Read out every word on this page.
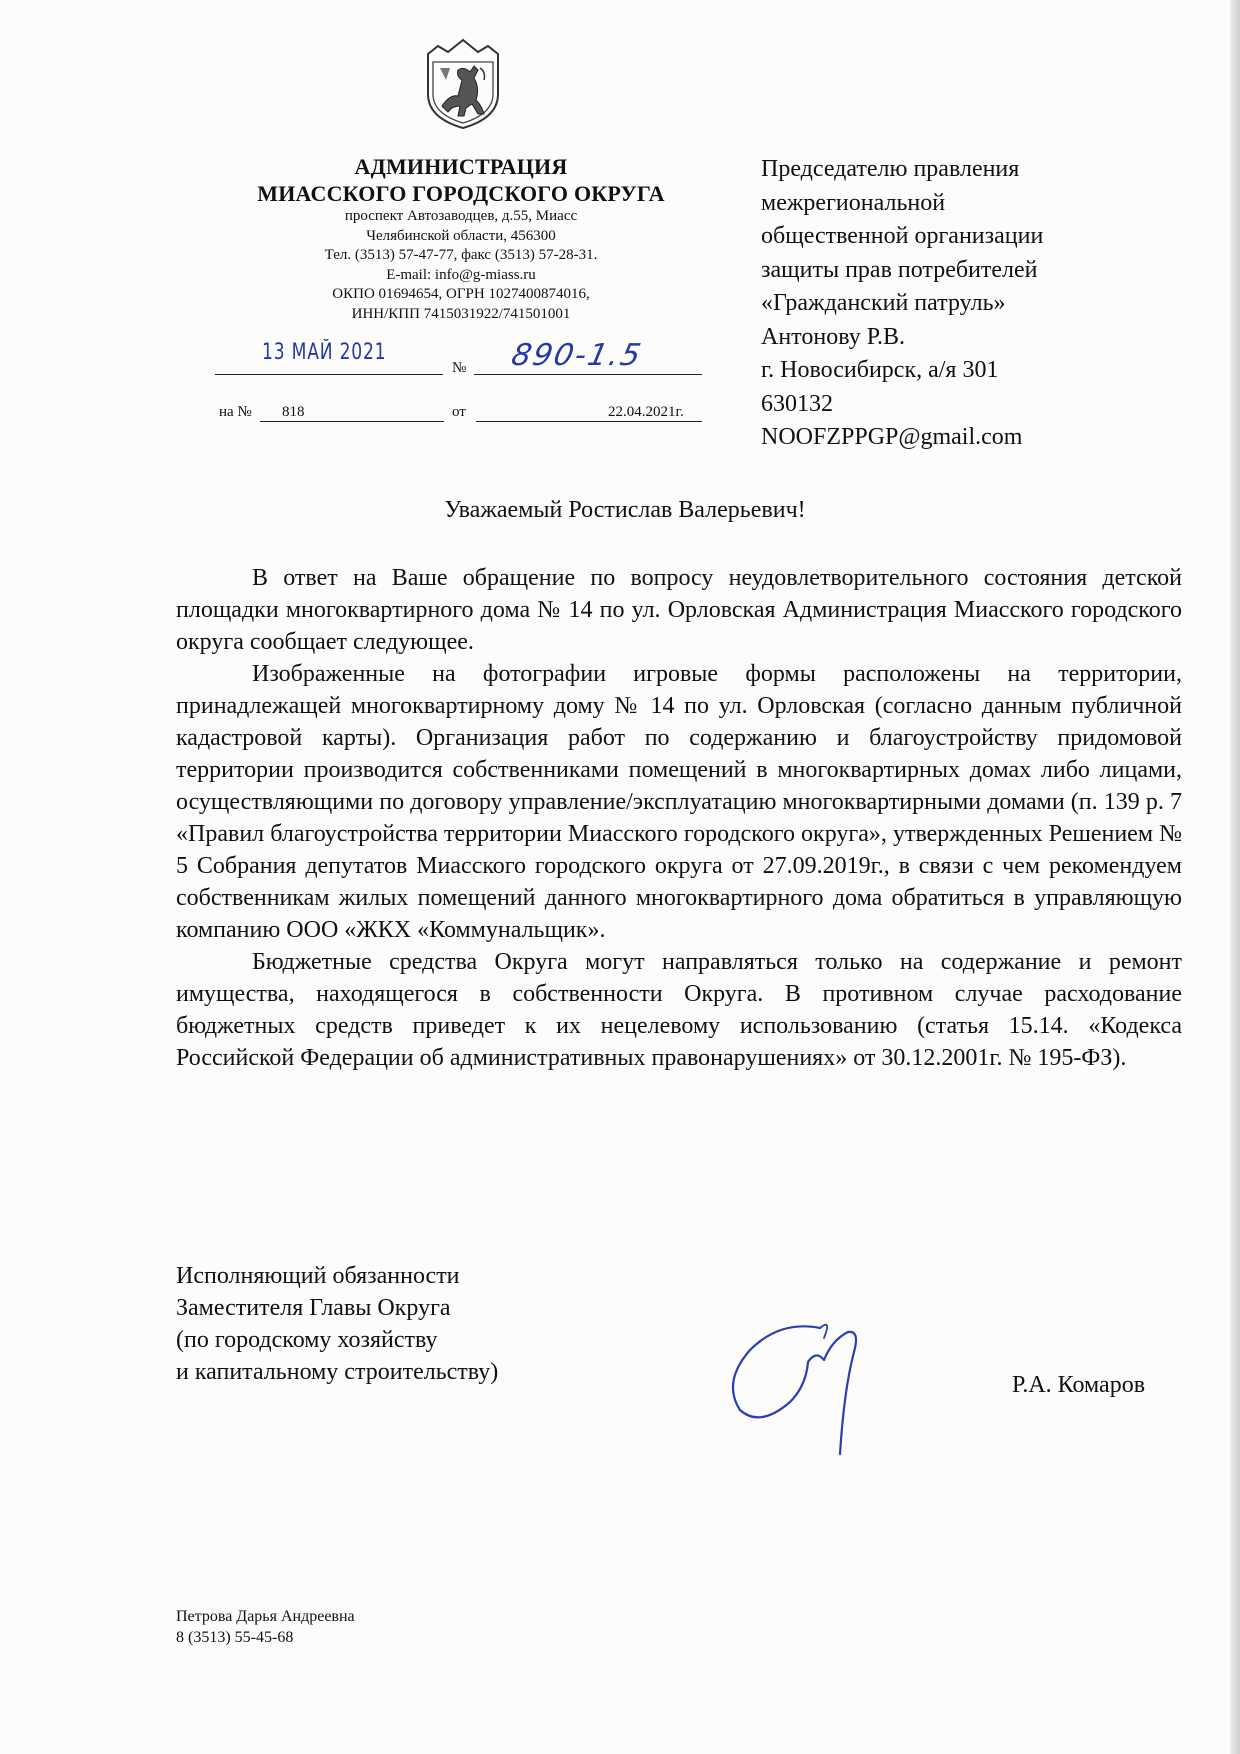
АДМИНИСТРАЦИЯ
МИАССКОГО ГОРОДСКОГО ОКРУГА
проспект Автозаводцев, д.55, Миасс
Челябинской области, 456300
Тел. (3513) 57-47-77, факс (3513) 57-28-31.
E-mail: info@g-miass.ru
ОКПО 01694654, ОГРН 1027400874016,
ИНН/КПП 7415031922/741501001
13 МАЙ 2021
№ 890-1.5
на № 818	от	22.04.2021г.
Председателю правления
межрегиональной
общественной организации
защиты прав потребителей
«Гражданский патруль»
Антонову Р.В.
г. Новосибирск, а/я 301
630132
NOOFZPPGP@gmail.com
Уважаемый Ростислав Валерьевич!

В ответ на Ваше обращение по вопросу неудовлетворительного состояния детской площадки многоквартирного дома № 14 по ул. Орловская Администрация Миасского городского округа сообщает следующее.

Изображенные на фотографии игровые формы расположены на территории, принадлежащей многоквартирному дому № 14 по ул. Орловская (согласно данным публичной кадастровой карты). Организация работ по содержанию и благоустройству придомовой территории производится собственниками помещений в многоквартирных домах либо лицами, осуществляющими по договору управление/эксплуатацию многоквартирными домами (п. 139 р. 7 «Правил благоустройства территории Миасского городского округа», утвержденных Решением № 5 Собрания депутатов Миасского городского округа от 27.09.2019г., в связи с чем рекомендуем собственникам жилых помещений данного многоквартирного дома обратиться в управляющую компанию ООО «ЖКХ «Коммунальщик».

Бюджетные средства Округа могут направляться только на содержание и ремонт имущества, находящегося в собственности Округа. В противном случае расходование бюджетных средств приведет к их нецелевому использованию (статья 15.14. «Кодекса Российской Федерации об административных правонарушениях» от 30.12.2001г. № 195-ФЗ).

Исполняющий обязанности
Заместителя Главы Округа
(по городскому хозяйству
и капитальному строительству)	Р.А. Комаров
Петрова Дарья Андреевна
8 (3513) 55-45-68
